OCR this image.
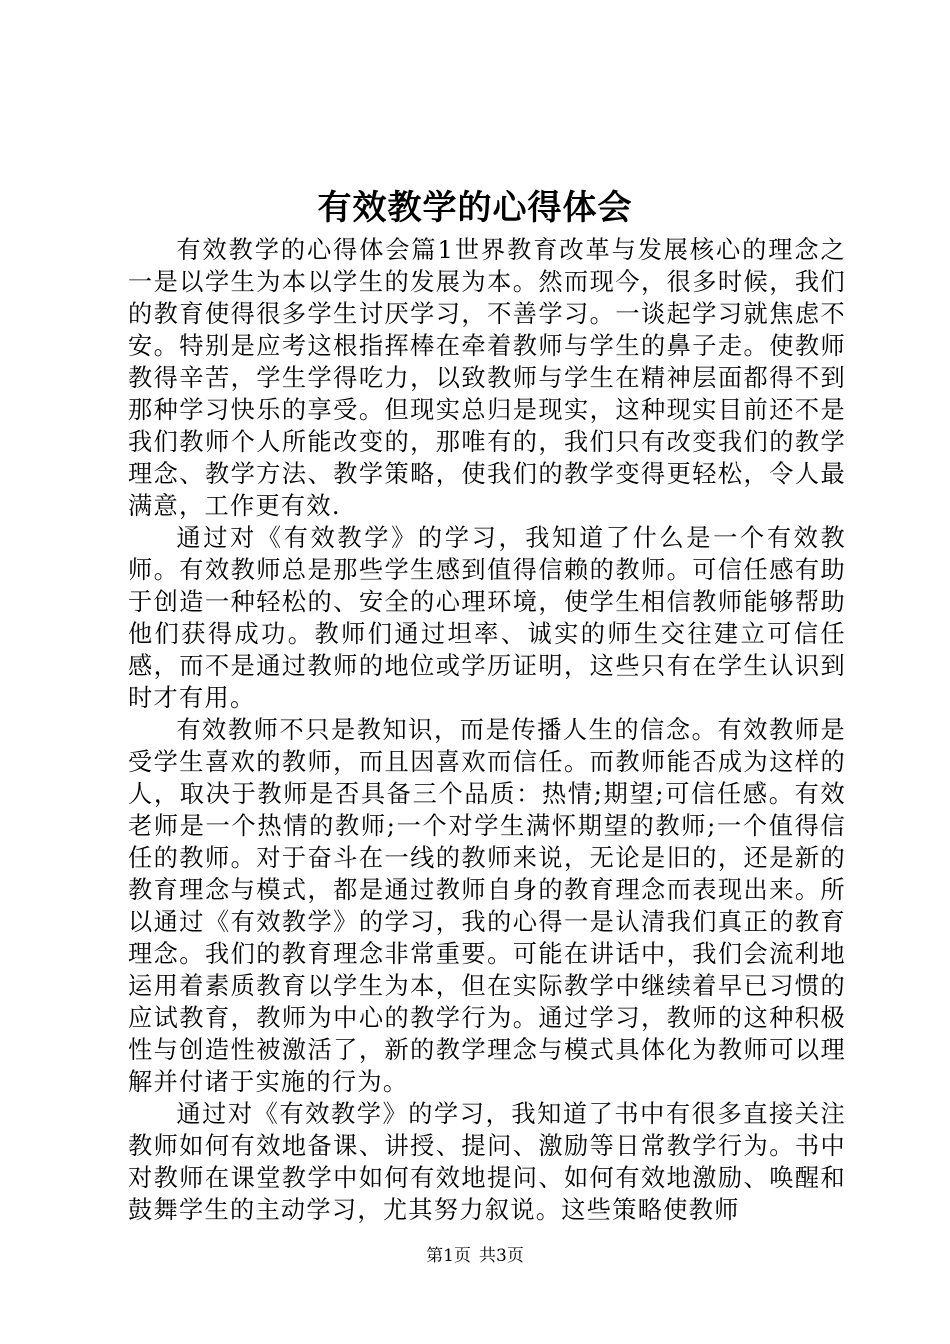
有效教学的心得体会

有效教学的心得体会篇1世界教育改革与发展核心的理念之一是以学生为本以学生的发展为本。然而现今，很多时候，我们的教育使得很多学生讨厌学习，不善学习。一谈起学习就焦虑不安。特别是应考这根指挥棒在牵着教师与学生的鼻子走。使教师教得辛苦，学生学得吃力，以致教师与学生在精神层面都得不到那种学习快乐的享受。但现实总归是现实，这种现实目前还不是我们教师个人所能改变的，那唯有的，我们只有改变我们的教学理念、教学方法、教学策略，使我们的教学变得更轻松，令人最满意，工作更有效.

通过对《有效教学》的学习，我知道了什么是一个有效教师。有效教师总是那些学生感到值得信赖的教师。可信任感有助于创造一种轻松的、安全的心理环境，使学生相信教师能够帮助他们获得成功。教师们通过坦率、诚实的师生交往建立可信任感，而不是通过教师的地位或学历证明，这些只有在学生认识到时才有用。

有效教师不只是教知识，而是传播人生的信念。有效教师是受学生喜欢的教师，而且因喜欢而信任。而教师能否成为这样的人，取决于教师是否具备三个品质：热情;期望;可信任感。有效老师是一个热情的教师;一个对学生满怀期望的教师;一个值得信任的教师。对于奋斗在一线的教师来说，无论是旧的，还是新的教育理念与模式，都是通过教师自身的教育理念而表现出来。所以通过《有效教学》的学习，我的心得一是认清我们真正的教育理念。我们的教育理念非常重要。可能在讲话中，我们会流利地运用着素质教育以学生为本，但在实际教学中继续着早已习惯的应试教育，教师为中心的教学行为。通过学习，教师的这种积极性与创造性被激活了，新的教学理念与模式具体化为教师可以理解并付诸于实施的行为。

通过对《有效教学》的学习，我知道了书中有很多直接关注教师如何有效地备课、讲授、提问、激励等日常教学行为。书中对教师在课堂教学中如何有效地提问、如何有效地激励、唤醒和鼓舞学生的主动学习，尤其努力叙说。这些策略使教师

第1页 共3页
